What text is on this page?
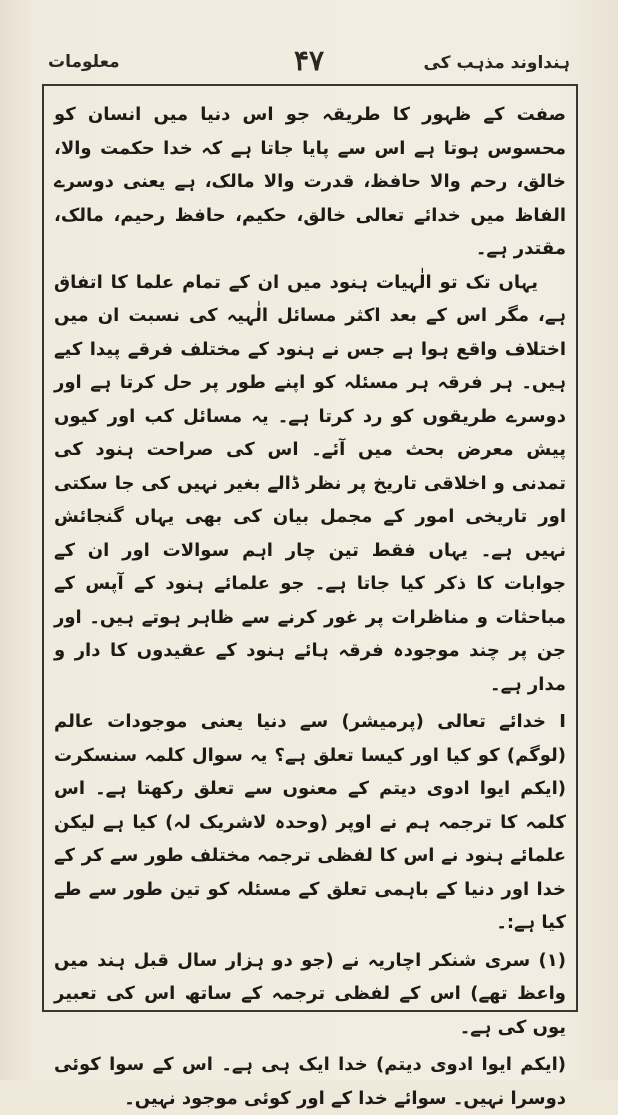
ہنداوند مذہب کی
۴۷
معلومات

صفت کے ظہور کا طریقہ جو اس دنیا میں انسان کو محسوس ہوتا ہے اس سے پایا جاتا ہے کہ خدا حکمت والا، خالق، رحم والا حافظ، قدرت والا مالک، ہے یعنی دوسرے الفاظ میں خدائے تعالی خالق، حکیم، حافظ رحیم، مالک، مقتدر ہے۔

یہاں تک تو الٰہیات ہنود میں ان کے تمام علما کا اتفاق ہے، مگر اس کے بعد اکثر مسائل الٰہیہ کی نسبت ان میں اختلاف واقع ہوا ہے جس نے ہنود کے مختلف فرقے پیدا کیے ہیں۔ ہر فرقہ ہر مسئلہ کو اپنے طور پر حل کرتا ہے اور دوسرے طریقوں کو رد کرتا ہے۔ یہ مسائل کب اور کیوں پیش معرض بحث میں آئے۔ اس کی صراحت ہنود کی تمدنی و اخلاقی تاریخ پر نظر ڈالے بغیر نہیں کی جا سکتی اور تاریخی امور کے مجمل بیان کی بھی یہاں گنجائش نہیں ہے۔ یہاں فقط تین چار اہم سوالات اور ان کے جوابات کا ذکر کیا جاتا ہے۔ جو علمائے ہنود کے آپس کے مباحثات و مناظرات پر غور کرنے سے ظاہر ہوتے ہیں۔ اور جن پر چند موجودہ فرقہ ہائے ہنود کے عقیدوں کا دار و مدار ہے۔

I خدائے تعالی (پرمیشر) سے دنیا یعنی موجودات عالم (لوگم) کو کیا اور کیسا تعلق ہے؟ یہ سوال کلمہ سنسکرت (ایکم ایوا ادوی دیتم کے معنوں سے تعلق رکھتا ہے۔ اس کلمہ کا ترجمہ ہم نے اوپر (وحدہ لاشریک لہ) کیا ہے لیکن علمائے ہنود نے اس کا لفظی ترجمہ مختلف طور سے کر کے خدا اور دنیا کے باہمی تعلق کے مسئلہ کو تین طور سے طے کیا ہے:۔

(۱) سری شنکر اچاریہ نے (جو دو ہزار سال قبل ہند میں واعظ تھے) اس کے لفظی ترجمہ کے ساتھ اس کی تعبیر یوں کی ہے۔

(ایکم ایوا ادوی دیتم) خدا ایک ہی ہے۔ اس کے سوا کوئی دوسرا نہیں۔ سوائے خدا کے اور کوئی موجود نہیں۔
